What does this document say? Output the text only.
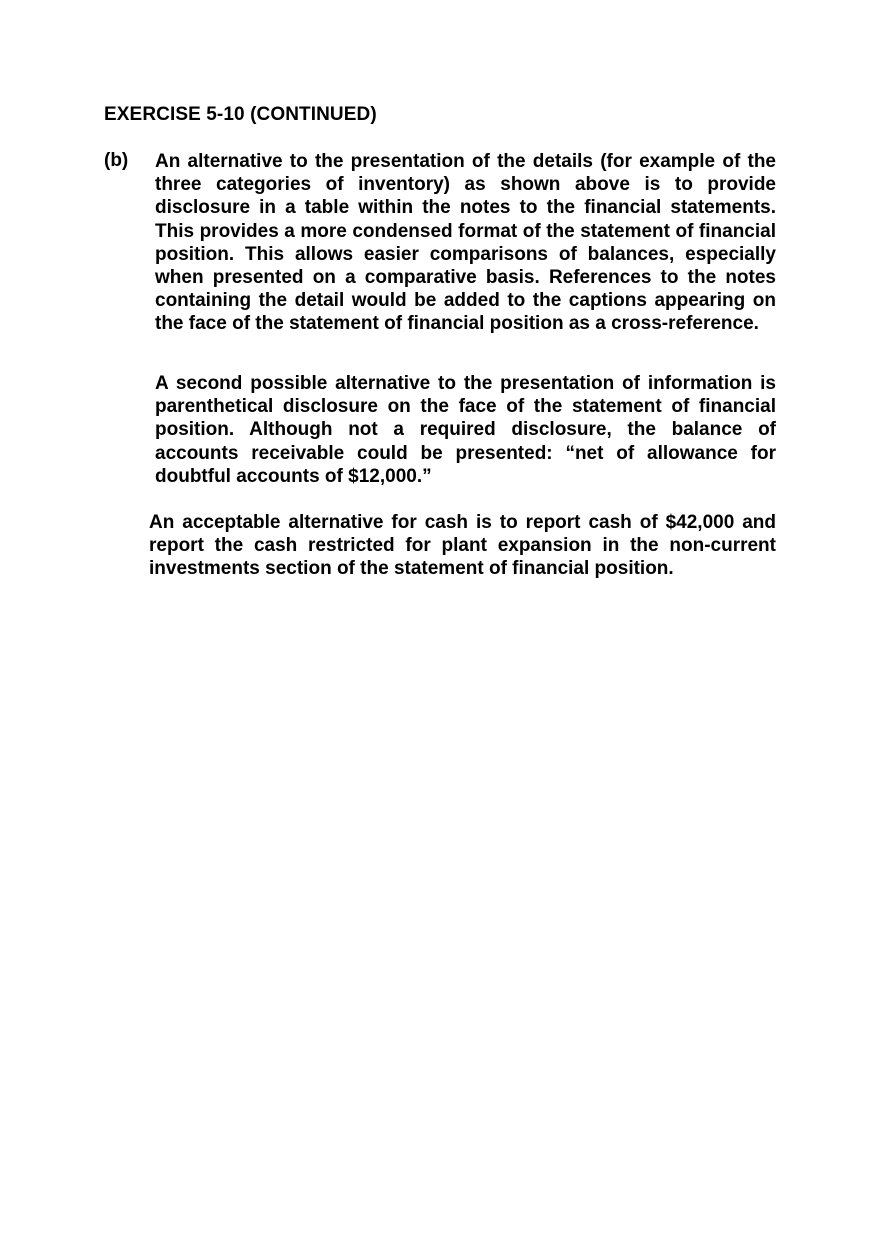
EXERCISE 5-10 (CONTINUED)
(b) An alternative to the presentation of the details (for example of the three categories of inventory) as shown above is to provide disclosure in a table within the notes to the financial statements. This provides a more condensed format of the statement of financial position. This allows easier comparisons of balances, especially when presented on a comparative basis. References to the notes containing the detail would be added to the captions appearing on the face of the statement of financial position as a cross-reference.

A second possible alternative to the presentation of information is parenthetical disclosure on the face of the statement of financial position. Although not a required disclosure, the balance of accounts receivable could be presented: “net of allowance for doubtful accounts of $12,000.”

An acceptable alternative for cash is to report cash of $42,000 and report the cash restricted for plant expansion in the non-current investments section of the statement of financial position.
